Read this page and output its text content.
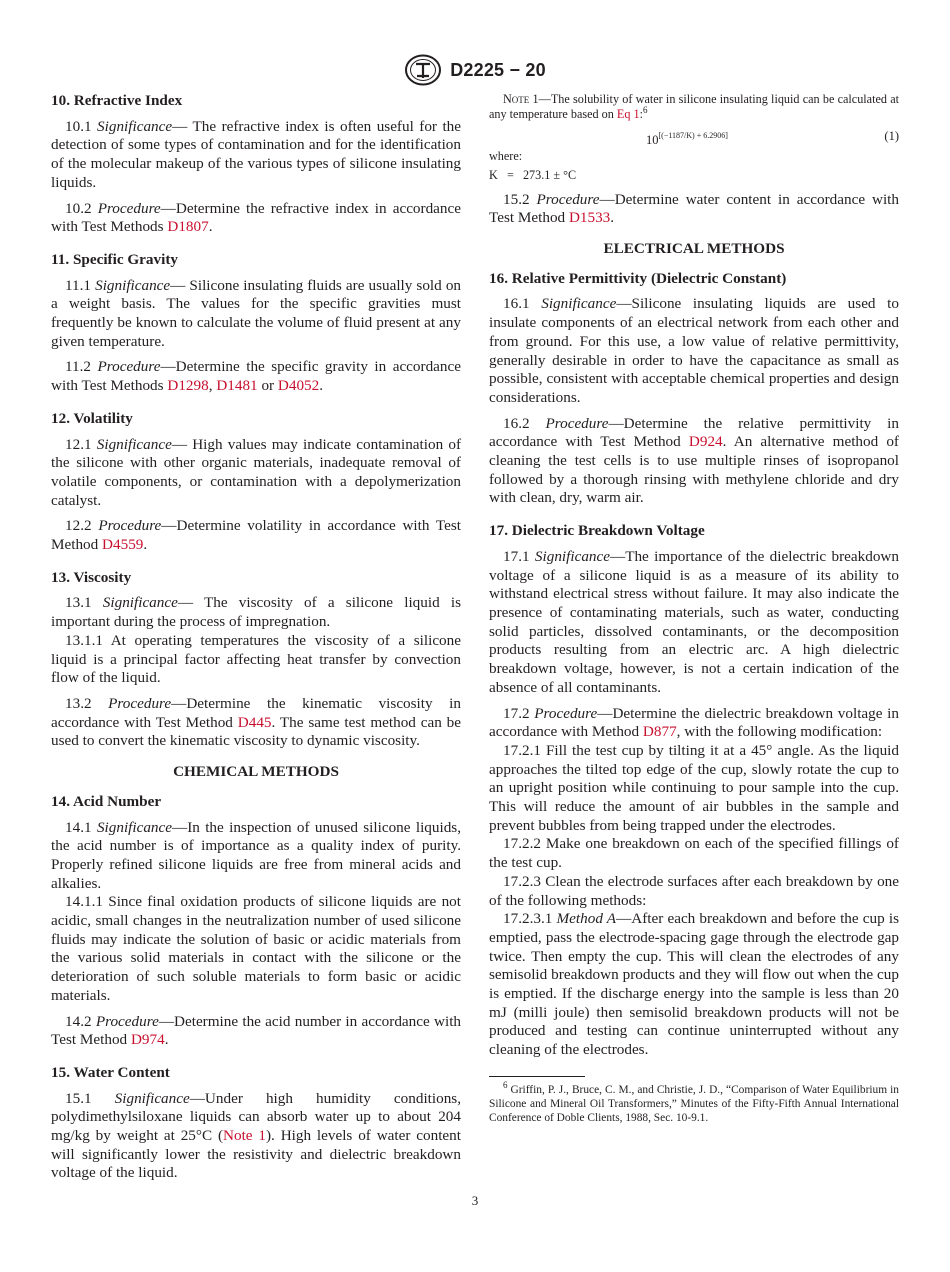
D2225 − 20
10. Refractive Index

10.1 Significance— The refractive index is often useful for the detection of some types of contamination and for the identification of the molecular makeup of the various types of silicone insulating liquids.

10.2 Procedure—Determine the refractive index in accordance with Test Methods D1807.

11. Specific Gravity

11.1 Significance— Silicone insulating fluids are usually sold on a weight basis. The values for the specific gravities must frequently be known to calculate the volume of fluid present at any given temperature.

11.2 Procedure—Determine the specific gravity in accordance with Test Methods D1298, D1481 or D4052.

12. Volatility

12.1 Significance— High values may indicate contamination of the silicone with other organic materials, inadequate removal of volatile components, or contamination with a depolymerization catalyst.

12.2 Procedure—Determine volatility in accordance with Test Method D4559.

13. Viscosity

13.1 Significance— The viscosity of a silicone liquid is important during the process of impregnation.

13.1.1 At operating temperatures the viscosity of a silicone liquid is a principal factor affecting heat transfer by convection flow of the liquid.

13.2 Procedure—Determine the kinematic viscosity in accordance with Test Method D445. The same test method can be used to convert the kinematic viscosity to dynamic viscosity.

CHEMICAL METHODS

14. Acid Number

14.1 Significance—In the inspection of unused silicone liquids, the acid number is of importance as a quality index of purity. Properly refined silicone liquids are free from mineral acids and alkalies.

14.1.1 Since final oxidation products of silicone liquids are not acidic, small changes in the neutralization number of used silicone fluids may indicate the solution of basic or acidic materials from the various solid materials in contact with the silicone or the deterioration of such soluble materials to form basic or acidic materials.

14.2 Procedure—Determine the acid number in accordance with Test Method D974.

15. Water Content

15.1 Significance—Under high humidity conditions, polydimethylsiloxane liquids can absorb water up to about 204 mg/kg by weight at 25°C (Note 1). High levels of water content will significantly lower the resistivity and dielectric breakdown voltage of the liquid.

Note 1—The solubility of water in silicone insulating liquid can be calculated at any temperature based on Eq 1:$^6$

10[(−1187/K) + 6.2906]	(1)

where:

K   =   273.1 ± °C

15.2 Procedure—Determine water content in accordance with Test Method D1533.

ELECTRICAL METHODS

16. Relative Permittivity (Dielectric Constant)

16.1 Significance—Silicone insulating liquids are used to insulate components of an electrical network from each other and from ground. For this use, a low value of relative permittivity, generally desirable in order to have the capacitance as small as possible, consistent with acceptable chemical properties and design considerations.

16.2 Procedure—Determine the relative permittivity in accordance with Test Method D924. An alternative method of cleaning the test cells is to use multiple rinses of isopropanol followed by a thorough rinsing with methylene chloride and dry with clean, dry, warm air.

17. Dielectric Breakdown Voltage

17.1 Significance—The importance of the dielectric breakdown voltage of a silicone liquid is as a measure of its ability to withstand electrical stress without failure. It may also indicate the presence of contaminating materials, such as water, conducting solid particles, dissolved contaminants, or the decomposition products resulting from an electric arc. A high dielectric breakdown voltage, however, is not a certain indication of the absence of all contaminants.

17.2 Procedure—Determine the dielectric breakdown voltage in accordance with Method D877, with the following modification:

17.2.1 Fill the test cup by tilting it at a 45° angle. As the liquid approaches the tilted top edge of the cup, slowly rotate the cup to an upright position while continuing to pour sample into the cup. This will reduce the amount of air bubbles in the sample and prevent bubbles from being trapped under the electrodes.

17.2.2 Make one breakdown on each of the specified fillings of the test cup.

17.2.3 Clean the electrode surfaces after each breakdown by one of the following methods:

17.2.3.1 Method A—After each breakdown and before the cup is emptied, pass the electrode-spacing gage through the electrode gap twice. Then empty the cup. This will clean the electrodes of any semisolid breakdown products and they will flow out when the cup is emptied. If the discharge energy into the sample is less than 20 mJ (milli joule) then semisolid breakdown products will not be produced and testing can continue uninterrupted without any cleaning of the electrodes.

$^6$ Griffin, P. J., Bruce, C. M., and Christie, J. D., “Comparison of Water Equilibrium in Silicone and Mineral Oil Transformers,” Minutes of the Fifty-Fifth Annual International Conference of Doble Clients, 1988, Sec. 10-9.1.

3
